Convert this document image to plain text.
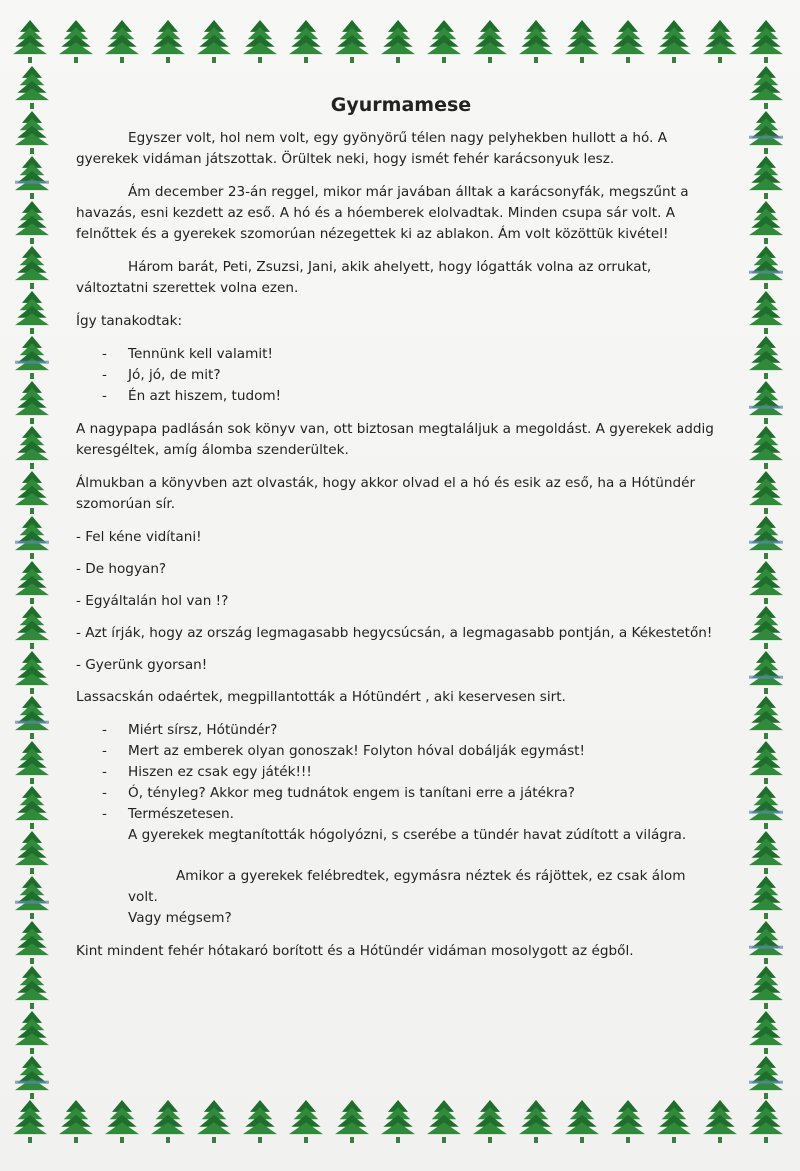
Gyurmamese

Egyszer volt, hol nem volt, egy gyönyörű télen nagy pelyhekben hullott a hó. A gyerekek vidáman játszottak. Örültek neki, hogy ismét fehér karácsonyuk lesz.

Ám december 23-án reggel, mikor már javában álltak a karácsonyfák, megszűnt a havazás, esni kezdett az eső. A hó és a hóemberek elolvadtak. Minden csupa sár volt. A felnőttek és a gyerekek szomorúan nézegettek ki az ablakon. Ám volt közöttük kivétel!

Három barát, Peti, Zsuzsi, Jani, akik ahelyett, hogy lógatták volna az orrukat, változtatni szerettek volna ezen.

Így tanakodtak:

- Tennünk kell valamit!
- Jó, jó, de mit?
- Én azt hiszem, tudom!

A nagypapa padlásán sok könyv van, ott biztosan megtaláljuk a megoldást. A gyerekek addig keresgéltek, amíg álomba szenderültek.

Álmukban a könyvben azt olvasták, hogy akkor olvad el a hó és esik az eső, ha a Hótündér szomorúan sír.

- Fel kéne vidítani!

- De hogyan?

- Egyáltalán hol van !?

- Azt írják, hogy az ország legmagasabb hegycsúcsán, a legmagasabb pontján, a Kékestetőn!

- Gyerünk gyorsan!

Lassacskán odaértek, megpillantották a Hótündért , aki keservesen sirt.

- Miért sírsz, Hótündér?
- Mert az emberek olyan gonoszak! Folyton hóval dobálják egymást!
- Hiszen ez csak egy játék!!!
- Ó, tényleg? Akkor meg tudnátok engem is tanítani erre a játékra?
- Természetesen.
A gyerekek megtanították hógolyózni, s cserébe a tündér havat zúdított a világra.
Amikor a gyerekek felébredtek, egymásra néztek és rájöttek, ez csak álom
volt.
Vagy mégsem?

Kint mindent fehér hótakaró borított és a Hótündér vidáman mosolygott az égből.
